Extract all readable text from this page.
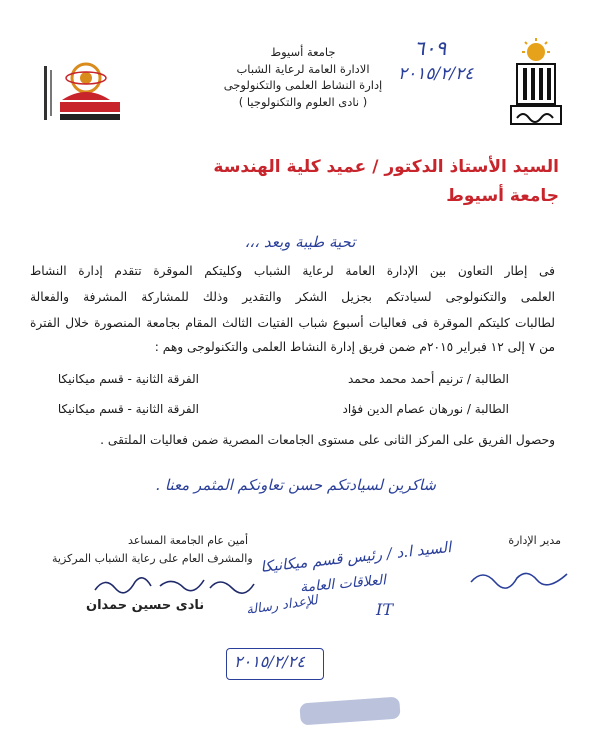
جامعة أسيوط
الادارة العامة لرعاية الشباب
إدارة النشاط العلمى والتكنولوجى
( نادى العلوم والتكنولوجيا )
٦٠٩
٢٠١٥/٢/٢٤
السيد الأستاذ الدكتور / عميد كلية الهندسة
جامعة أسيوط
تحية طيبة وبعد ،،،
فى إطار التعاون بين الإدارة العامة لرعاية الشباب وكليتكم الموقرة تتقدم إدارة النشاط
العلمى والتكنولوجى لسيادتكم بجزيل الشكر والتقدير وذلك للمشاركة المشرفة والفعالة
لطالبات كليتكم الموقرة فى فعاليات أسبوع شباب الفتيات الثالث المقام بجامعة المنصورة خلال الفترة
من ٧ إلى ١٢ فبراير ٢٠١٥م ضمن فريق إدارة النشاط العلمى والتكنولوجى وهم :
الطالبة / ترنيم أحمد محمد محمد
الفرقة الثانية - قسم ميكانيكا
الطالبة / نورهان عصام الدين فؤاد
الفرقة الثانية - قسم ميكانيكا
وحصول الفريق على المركز الثانى على مستوى الجامعات المصرية ضمن فعاليات الملتقى .
شاكرين لسيادتكم حسن تعاونكم المثمر معنا .
مدير الإدارة
أمين عام الجامعة المساعد
والمشرف العام على رعاية الشباب المركزية
نادى حسين حمدان
السيد ا.د / رئيس قسم ميكانيكا
العلاقات العامة
للإعداد رسالة	IT
٢٠١٥/٢/٢٤
